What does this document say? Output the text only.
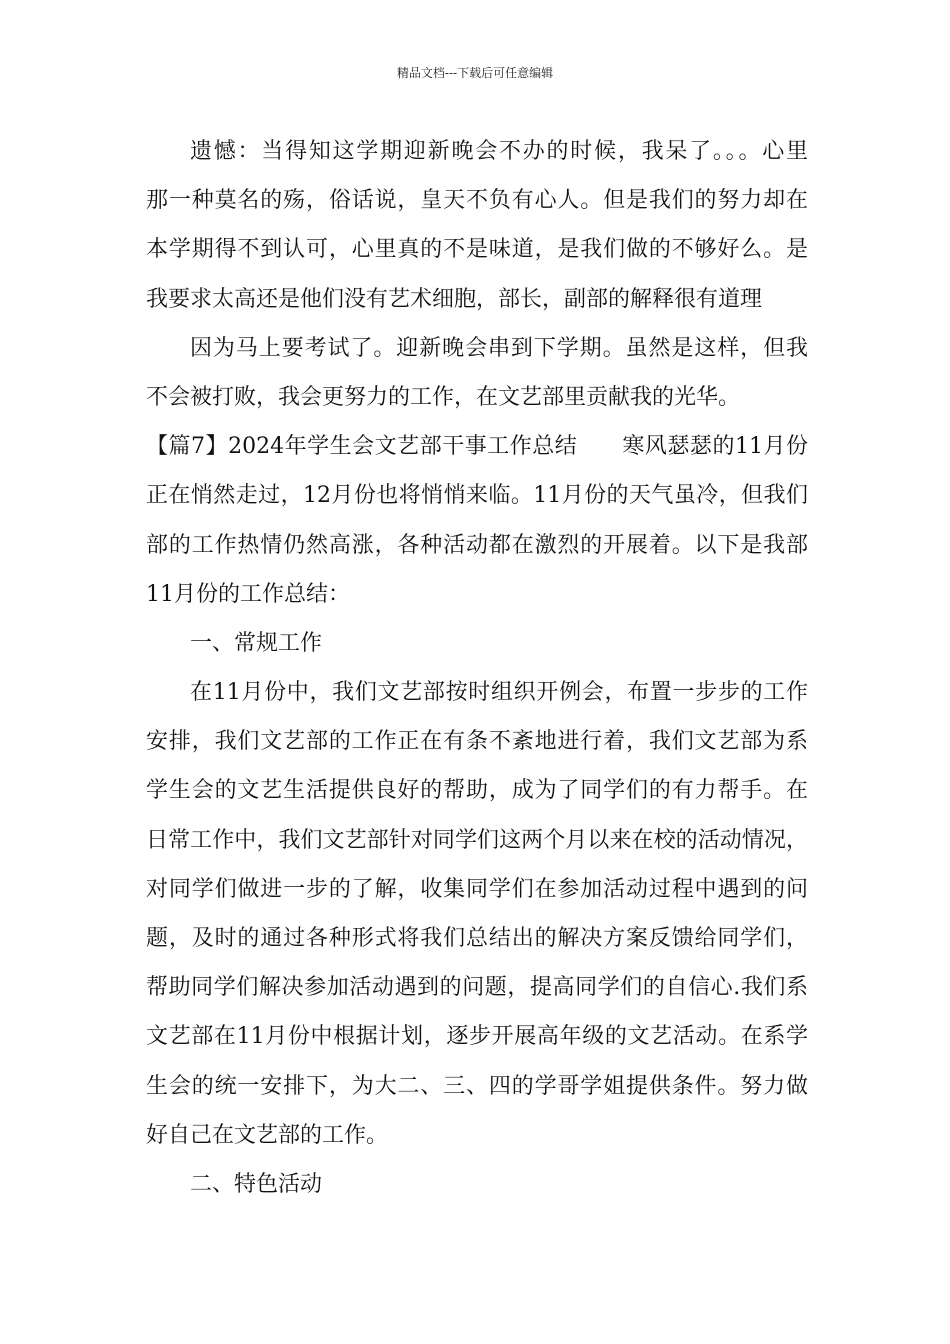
精品文档---下载后可任意编辑
遗憾：当得知这学期迎新晚会不办的时候，我呆了。。。心里
那一种莫名的殇，俗话说，皇天不负有心人。但是我们的努力却在
本学期得不到认可，心里真的不是味道，是我们做的不够好么。是
我要求太高还是他们没有艺术细胞，部长，副部的解释很有道理
因为马上要考试了。迎新晚会串到下学期。虽然是这样，但我
不会被打败，我会更努力的工作，在文艺部里贡献我的光华。
【篇7】2024年学生会文艺部干事工作总结　　寒风瑟瑟的11月份
正在悄然走过，12月份也将悄悄来临。11月份的天气虽冷，但我们
部的工作热情仍然高涨，各种活动都在激烈的开展着。以下是我部
11月份的工作总结：
一、常规工作
在11月份中，我们文艺部按时组织开例会，布置一步步的工作
安排，我们文艺部的工作正在有条不紊地进行着，我们文艺部为系
学生会的文艺生活提供良好的帮助，成为了同学们的有力帮手。在
日常工作中，我们文艺部针对同学们这两个月以来在校的活动情况，
对同学们做进一步的了解，收集同学们在参加活动过程中遇到的问
题，及时的通过各种形式将我们总结出的解决方案反馈给同学们，
帮助同学们解决参加活动遇到的问题，提高同学们的自信心.我们系
文艺部在11月份中根据计划，逐步开展高年级的文艺活动。在系学
生会的统一安排下，为大二、三、四的学哥学姐提供条件。努力做
好自己在文艺部的工作。
二、特色活动
